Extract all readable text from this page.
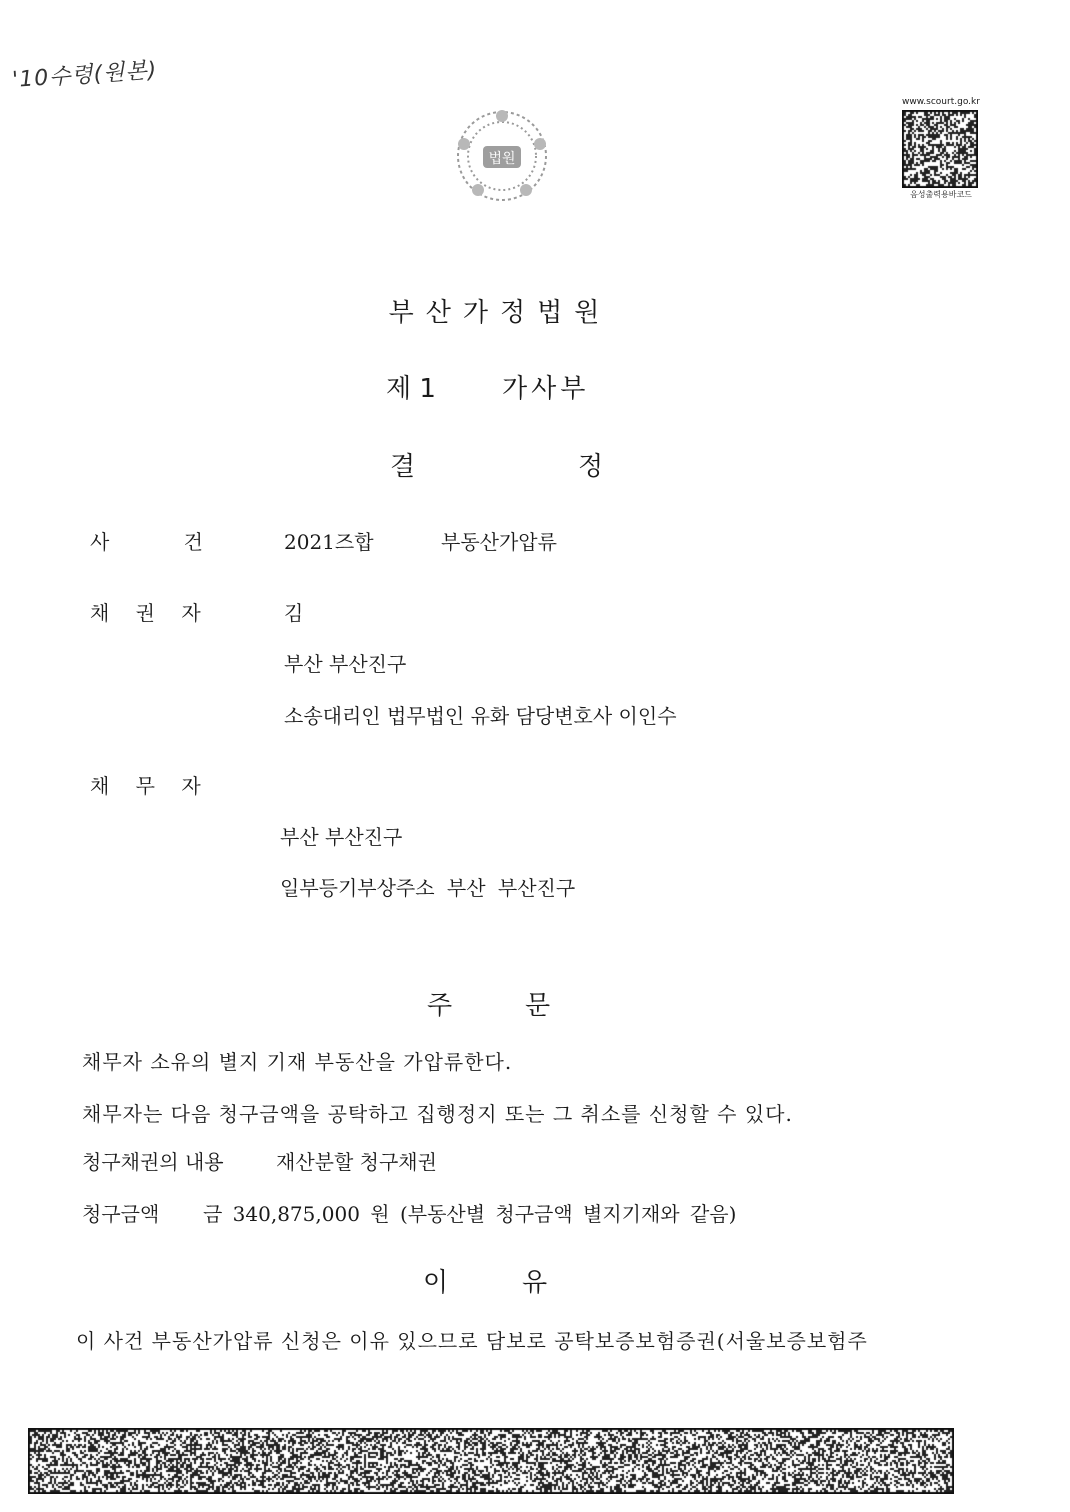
'10수령(원본)
법원
www.scourt.go.kr
음성출력용바코드
부산가정법원
제 1	가사부
결	정
사 건	2021즈합	부동산가압류
채 권 자	김
부산 부산진구
소송대리인 법무법인 유화 담당변호사 이인수
채 무 자
부산 부산진구
일부등기부상주소 부산 부산진구
주	문
채무자 소유의 별지 기재 부동산을 가압류한다.
채무자는 다음 청구금액을 공탁하고 집행정지 또는 그 취소를 신청할 수 있다.
청구채권의 내용	재산분할 청구채권
청구금액 금 340,875,000 원 (부동산별 청구금액 별지기재와 같음)
이	유
이 사건 부동산가압류 신청은 이유 있으므로 담보로 공탁보증보험증권(서울보증보험주
